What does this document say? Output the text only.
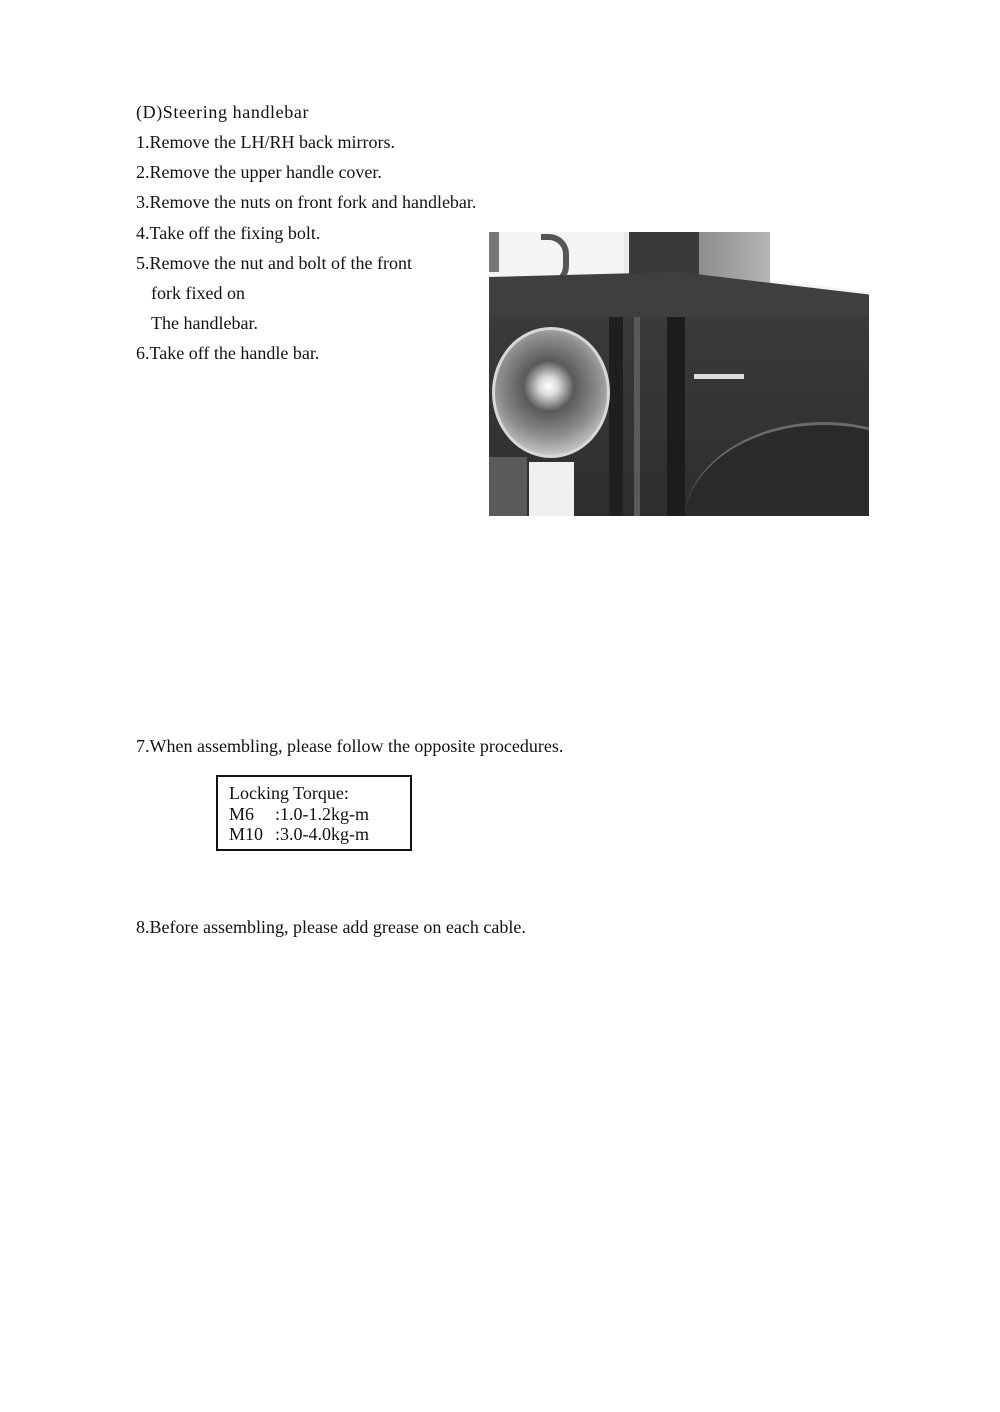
(D)Steering handlebar
1.Remove the LH/RH back mirrors.
2.Remove the upper handle cover.
3.Remove the nuts on front fork and handlebar.
4.Take off the fixing bolt.
5.Remove the nut and bolt of the front
fork fixed on
The handlebar.
6.Take off the handle bar.
7.When assembling, please follow the opposite procedures.
Locking Torque:
M6 :1.0-1.2kg-m
M10 :3.0-4.0kg-m
8.Before assembling, please add grease on each cable.
